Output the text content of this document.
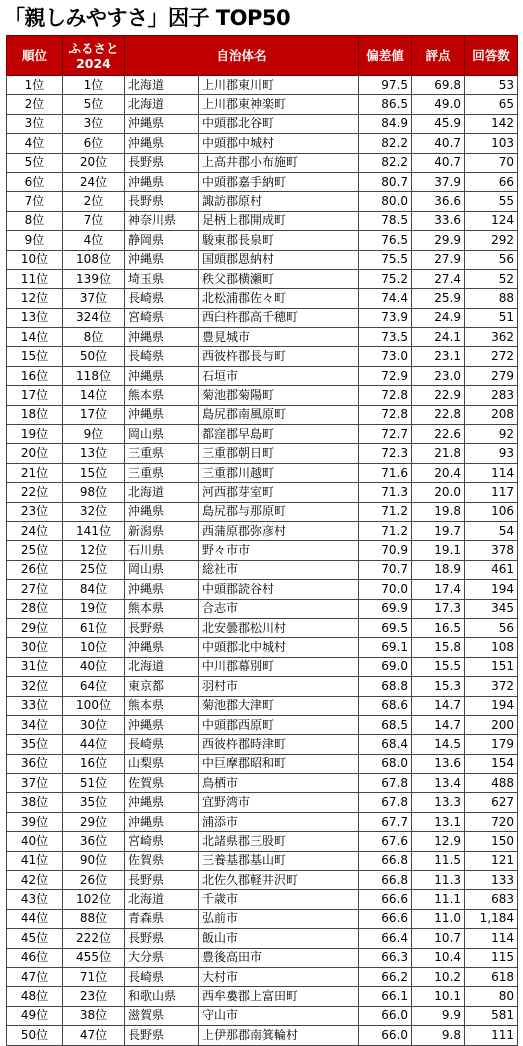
「親しみやすさ」因子 TOP50
順位	ふるさと
2024	自治体名		偏差値	評点	回答数
1位	1位	北海道	上川郡東川町	97.5	69.8	53
2位	5位	北海道	上川郡東神楽町	86.5	49.0	65
3位	3位	沖縄県	中頭郡北谷町	84.9	45.9	142
4位	6位	沖縄県	中頭郡中城村	82.2	40.7	103
5位	20位	長野県	上高井郡小布施町	82.2	40.7	70
6位	24位	沖縄県	中頭郡嘉手納町	80.7	37.9	66
7位	2位	長野県	諏訪郡原村	80.0	36.6	55
8位	7位	神奈川県	足柄上郡開成町	78.5	33.6	124
9位	4位	静岡県	駿東郡長泉町	76.5	29.9	292
10位	108位	沖縄県	国頭郡恩納村	75.5	27.9	56
11位	139位	埼玉県	秩父郡横瀬町	75.2	27.4	52
12位	37位	長崎県	北松浦郡佐々町	74.4	25.9	88
13位	324位	宮崎県	西臼杵郡高千穂町	73.9	24.9	51
14位	8位	沖縄県	豊見城市	73.5	24.1	362
15位	50位	長崎県	西彼杵郡長与町	73.0	23.1	272
16位	118位	沖縄県	石垣市	72.9	23.0	279
17位	14位	熊本県	菊池郡菊陽町	72.8	22.9	283
18位	17位	沖縄県	島尻郡南風原町	72.8	22.8	208
19位	9位	岡山県	都窪郡早島町	72.7	22.6	92
20位	13位	三重県	三重郡朝日町	72.3	21.8	93
21位	15位	三重県	三重郡川越町	71.6	20.4	114
22位	98位	北海道	河西郡芽室町	71.3	20.0	117
23位	32位	沖縄県	島尻郡与那原町	71.2	19.8	106
24位	141位	新潟県	西蒲原郡弥彦村	71.2	19.7	54
25位	12位	石川県	野々市市	70.9	19.1	378
26位	25位	岡山県	総社市	70.7	18.9	461
27位	84位	沖縄県	中頭郡読谷村	70.0	17.4	194
28位	19位	熊本県	合志市	69.9	17.3	345
29位	61位	長野県	北安曇郡松川村	69.5	16.5	56
30位	10位	沖縄県	中頭郡北中城村	69.1	15.8	108
31位	40位	北海道	中川郡幕別町	69.0	15.5	151
32位	64位	東京都	羽村市	68.8	15.3	372
33位	100位	熊本県	菊池郡大津町	68.6	14.7	194
34位	30位	沖縄県	中頭郡西原町	68.5	14.7	200
35位	44位	長崎県	西彼杵郡時津町	68.4	14.5	179
36位	16位	山梨県	中巨摩郡昭和町	68.0	13.6	154
37位	51位	佐賀県	鳥栖市	67.8	13.4	488
38位	35位	沖縄県	宜野湾市	67.8	13.3	627
39位	29位	沖縄県	浦添市	67.7	13.1	720
40位	36位	宮崎県	北諸県郡三股町	67.6	12.9	150
41位	90位	佐賀県	三養基郡基山町	66.8	11.5	121
42位	26位	長野県	北佐久郡軽井沢町	66.8	11.3	133
43位	102位	北海道	千歳市	66.6	11.1	683
44位	88位	青森県	弘前市	66.6	11.0	1,184
45位	222位	長野県	飯山市	66.4	10.7	114
46位	455位	大分県	豊後高田市	66.3	10.4	115
47位	71位	長崎県	大村市	66.2	10.2	618
48位	23位	和歌山県	西牟婁郡上富田町	66.1	10.1	80
49位	38位	滋賀県	守山市	66.0	9.9	581
50位	47位	長野県	上伊那郡南箕輪村	66.0	9.8	111
